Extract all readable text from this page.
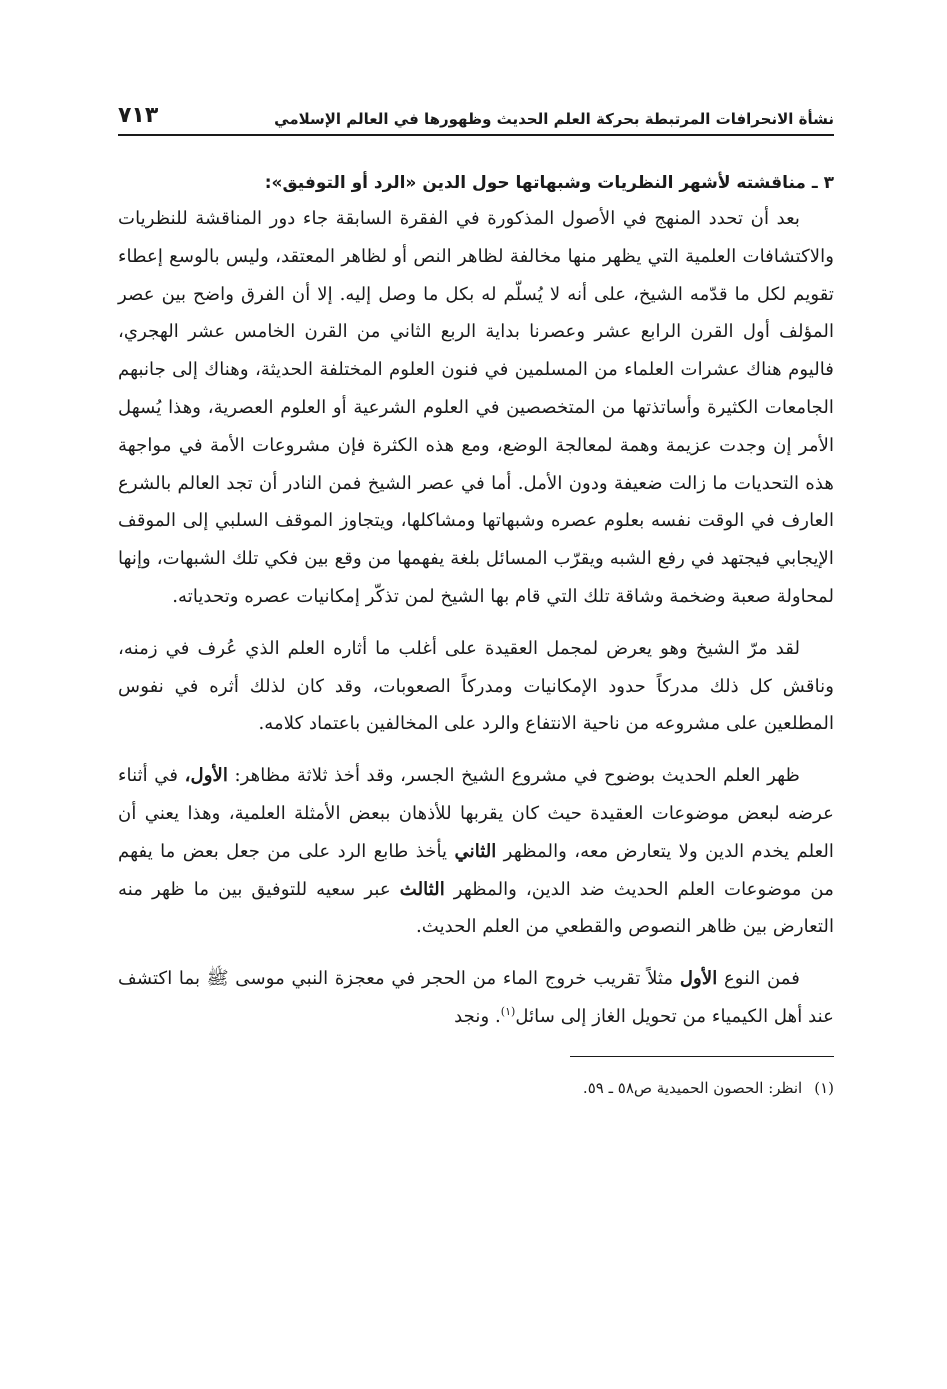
نشأة الانحرافات المرتبطة بحركة العلم الحديث وظهورها في العالم الإسلامي
٧١٣
٣ ـ مناقشته لأشهر النظريات وشبهاتها حول الدين «الرد أو التوفيق»:

بعد أن تحدد المنهج في الأصول المذكورة في الفقرة السابقة جاء دور المناقشة للنظريات والاكتشافات العلمية التي يظهر منها مخالفة لظاهر النص أو لظاهر المعتقد، وليس بالوسع إعطاء تقويم لكل ما قدّمه الشيخ، على أنه لا يُسلّم له بكل ما وصل إليه. إلا أن الفرق واضح بين عصر المؤلف أول القرن الرابع عشر وعصرنا بداية الربع الثاني من القرن الخامس عشر الهجري، فاليوم هناك عشرات العلماء من المسلمين في فنون العلوم المختلفة الحديثة، وهناك إلى جانبهم الجامعات الكثيرة وأساتذتها من المتخصصين في العلوم الشرعية أو العلوم العصرية، وهذا يُسهل الأمر إن وجدت عزيمة وهمة لمعالجة الوضع، ومع هذه الكثرة فإن مشروعات الأمة في مواجهة هذه التحديات ما زالت ضعيفة ودون الأمل. أما في عصر الشيخ فمن النادر أن تجد العالم بالشرع العارف في الوقت نفسه بعلوم عصره وشبهاتها ومشاكلها، ويتجاوز الموقف السلبي إلى الموقف الإيجابي فيجتهد في رفع الشبه ويقرّب المسائل بلغة يفهمها من وقع بين فكي تلك الشبهات، وإنها لمحاولة صعبة وضخمة وشاقة تلك التي قام بها الشيخ لمن تذكّر إمكانيات عصره وتحدياته.

لقد مرّ الشيخ وهو يعرض لمجمل العقيدة على أغلب ما أثاره العلم الذي عُرف في زمنه، وناقش كل ذلك مدركاً حدود الإمكانيات ومدركاً الصعوبات، وقد كان لذلك أثره في نفوس المطلعين على مشروعه من ناحية الانتفاع والرد على المخالفين باعتماد كلامه.

ظهر العلم الحديث بوضوح في مشروع الشيخ الجسر، وقد أخذ ثلاثة مظاهر: الأول، في أثناء عرضه لبعض موضوعات العقيدة حيث كان يقربها للأذهان ببعض الأمثلة العلمية، وهذا يعني أن العلم يخدم الدين ولا يتعارض معه، والمظهر الثاني يأخذ طابع الرد على من جعل بعض ما يفهم من موضوعات العلم الحديث ضد الدين، والمظهر الثالث عبر سعيه للتوفيق بين ما ظهر منه التعارض بين ظاهر النصوص والقطعي من العلم الحديث.

فمن النوع الأول مثلاً تقريب خروج الماء من الحجر في معجزة النبي موسى ﷺ بما اكتشف عند أهل الكيمياء من تحويل الغاز إلى سائل$^{(١)}$. ونجد

(١)انظر: الحصون الحميدية ص٥٨ ـ ٥٩.
